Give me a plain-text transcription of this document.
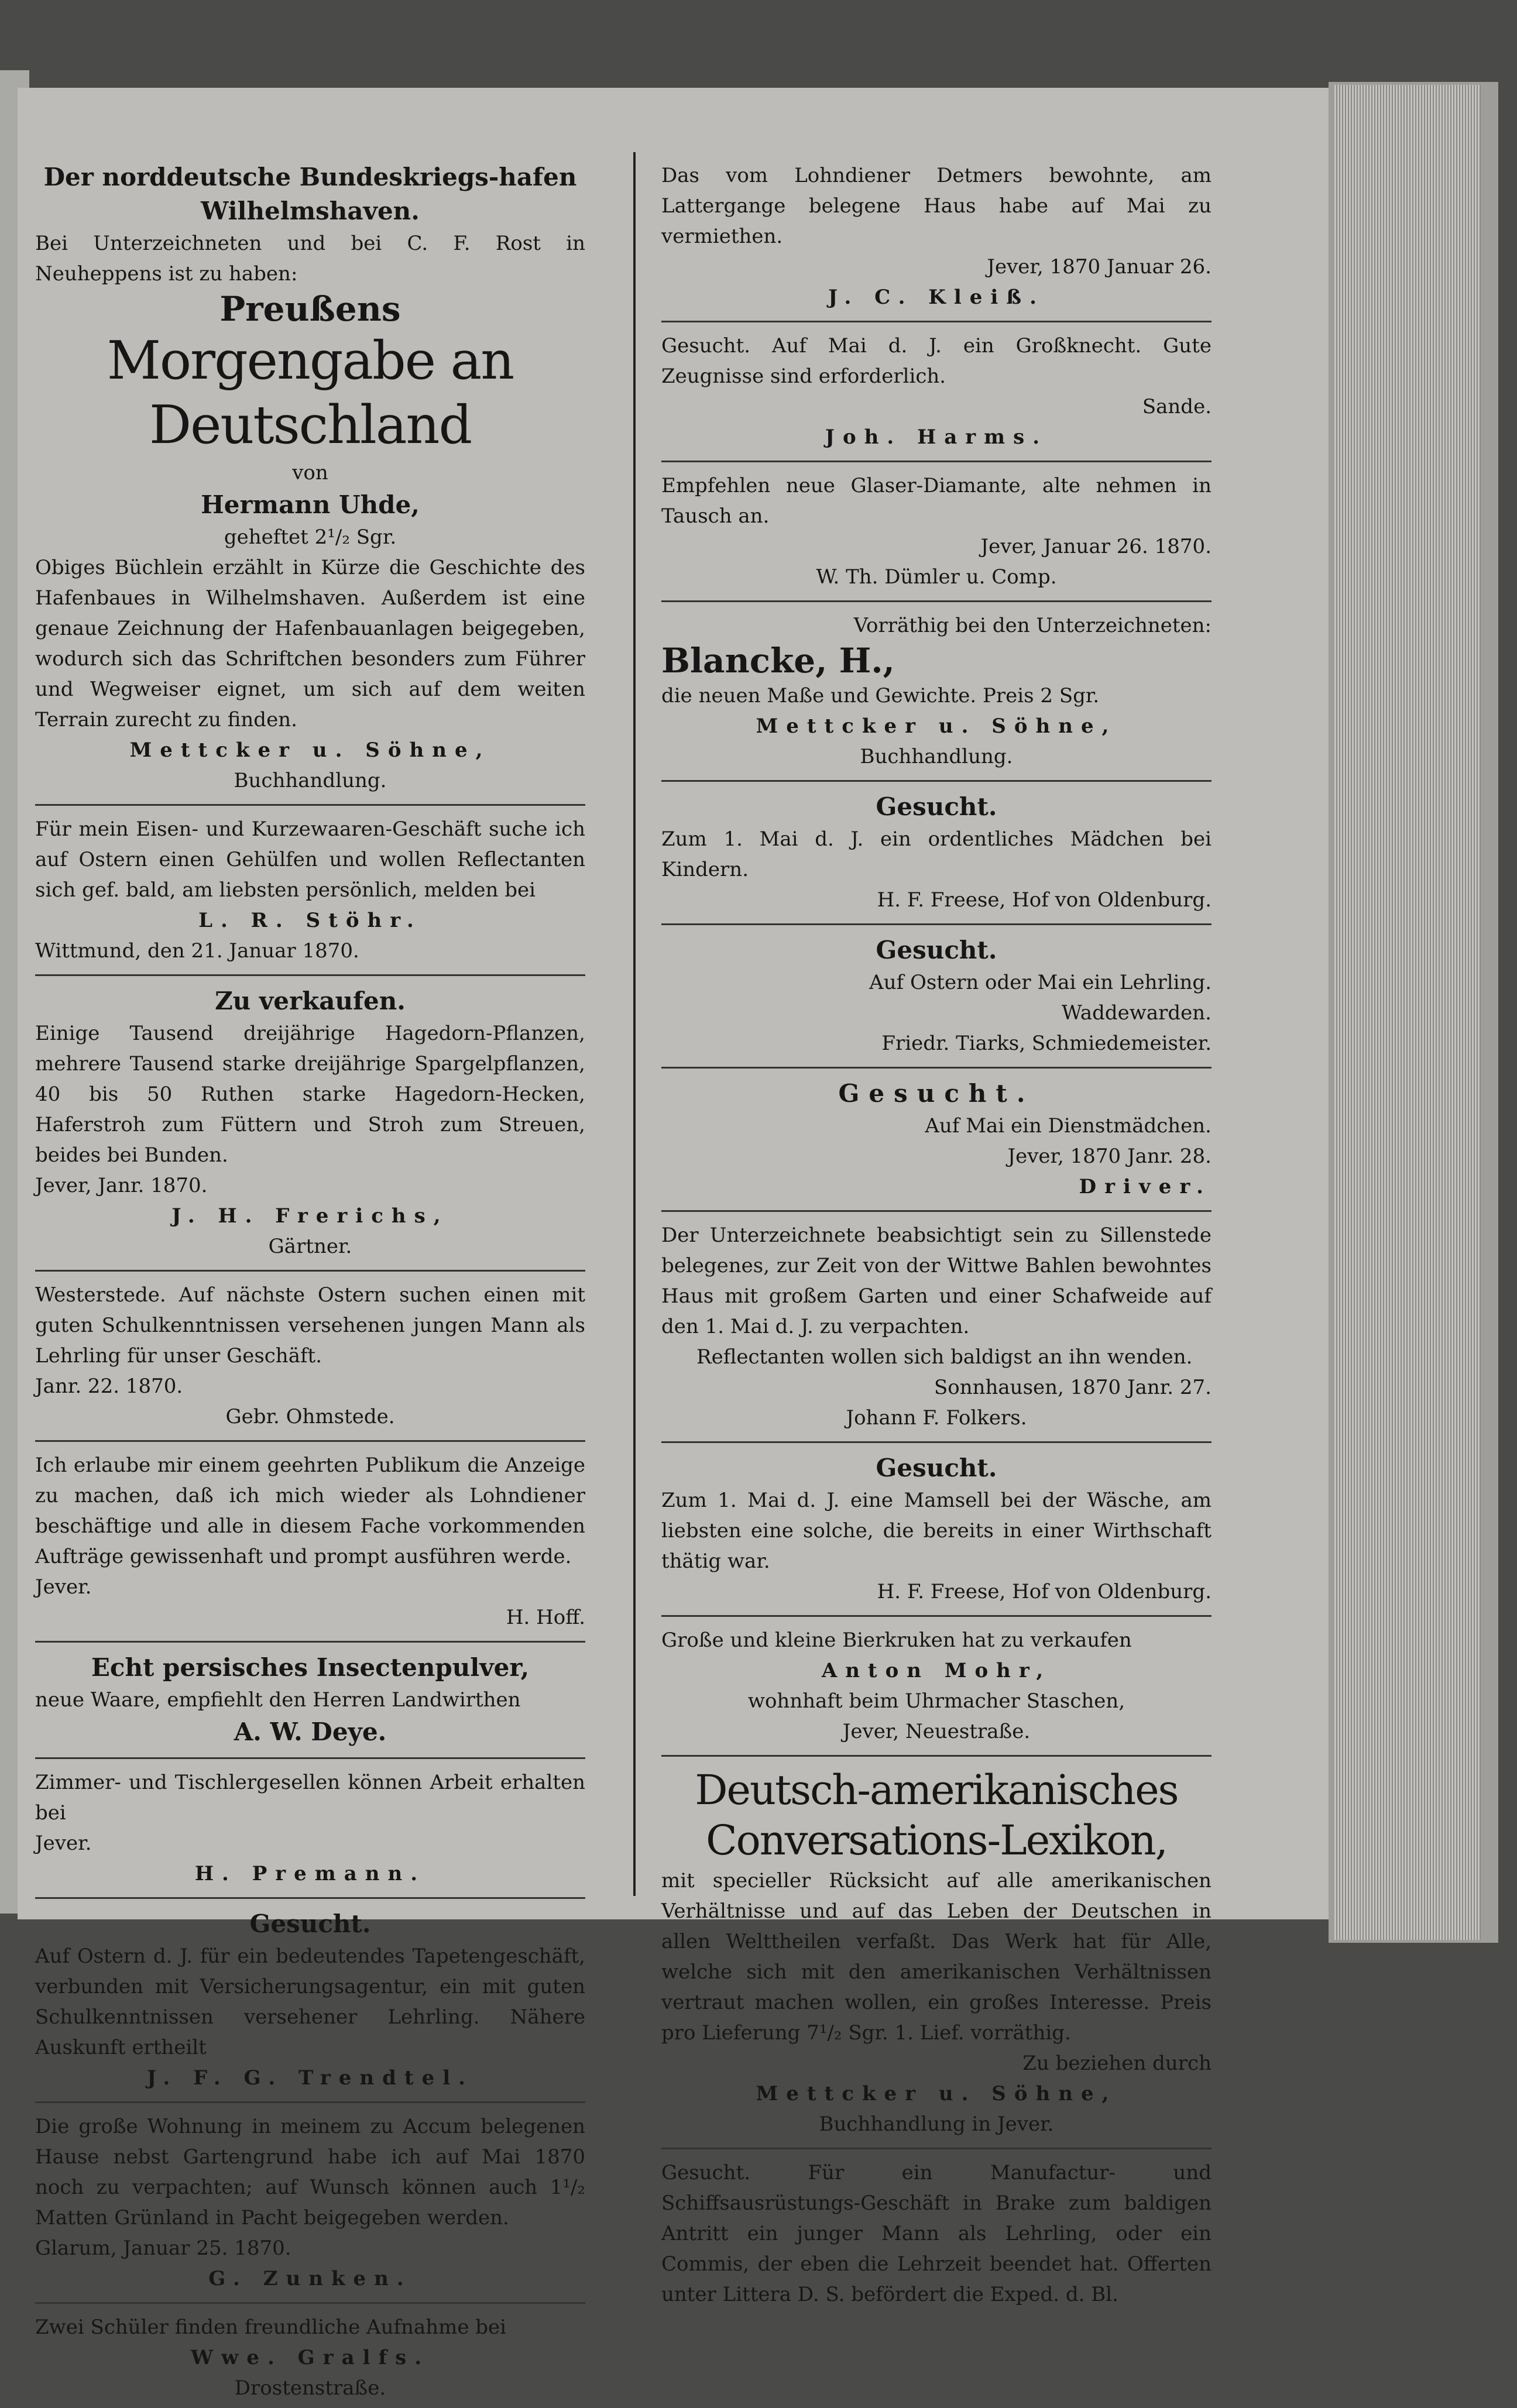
Der norddeutsche Bundeskriegs-hafen Wilhelmshaven.

Bei Unterzeichneten und bei C. F. Rost in Neuheppens ist zu haben:

Preußens

Morgengabe an Deutschland

von

Hermann Uhde,

geheftet 2¹/₂ Sgr.

Obiges Büchlein erzählt in Kürze die Geschichte des Hafenbaues in Wilhelmshaven. Außerdem ist eine genaue Zeichnung der Hafenbauanlagen beigegeben, wodurch sich das Schriftchen besonders zum Führer und Wegweiser eignet, um sich auf dem weiten Terrain zurecht zu finden.

Mettcker u. Söhne,

Buchhandlung.

Für mein Eisen- und Kurzewaaren-Geschäft suche ich auf Ostern einen Gehülfen und wollen Reflectanten sich gef. bald, am liebsten persönlich, melden bei

L. R. Stöhr.

Wittmund, den 21. Januar 1870.

Zu verkaufen.

Einige Tausend dreijährige Hagedorn-Pflanzen, mehrere Tausend starke dreijährige Spargelpflanzen, 40 bis 50 Ruthen starke Hagedorn-Hecken, Haferstroh zum Füttern und Stroh zum Streuen, beides bei Bunden.

Jever, Janr. 1870.

J. H. Frerichs,

Gärtner.

Westerstede. Auf nächste Ostern suchen einen mit guten Schulkenntnissen versehenen jungen Mann als Lehrling für unser Geschäft.

Janr. 22. 1870.

Gebr. Ohmstede.

Ich erlaube mir einem geehrten Publikum die Anzeige zu machen, daß ich mich wieder als Lohndiener beschäftige und alle in diesem Fache vorkommenden Aufträge gewissenhaft und prompt ausführen werde.

Jever.

H. Hoff.

Echt persisches Insectenpulver,

neue Waare, empfiehlt den Herren Landwirthen

A. W. Deye.

Zimmer- und Tischlergesellen können Arbeit erhalten bei

Jever.

H. Premann.

Gesucht.

Auf Ostern d. J. für ein bedeutendes Tapetengeschäft, verbunden mit Versicherungsagentur, ein mit guten Schulkenntnissen versehener Lehrling. Nähere Auskunft ertheilt

J. F. G. Trendtel.

Die große Wohnung in meinem zu Accum belegenen Hause nebst Gartengrund habe ich auf Mai 1870 noch zu verpachten; auf Wunsch können auch 1¹/₂ Matten Grünland in Pacht beigegeben werden.

Glarum, Januar 25. 1870.

G. Zunken.

Zwei Schüler finden freundliche Aufnahme bei

Wwe. Gralfs.

Drostenstraße.

Das vom Lohndiener Detmers bewohnte, am Lattergange belegene Haus habe auf Mai zu vermiethen.

Jever, 1870 Januar 26.

J. C. Kleiß.

Gesucht. Auf Mai d. J. ein Großknecht. Gute Zeugnisse sind erforderlich.

Sande.

Joh. Harms.

Empfehlen neue Glaser-Diamante, alte nehmen in Tausch an.

Jever, Januar 26. 1870.

W. Th. Dümler u. Comp.

Vorräthig bei den Unterzeichneten:

Blancke, H.,

die neuen Maße und Gewichte. Preis 2 Sgr.

Mettcker u. Söhne,

Buchhandlung.

Gesucht.

Zum 1. Mai d. J. ein ordentliches Mädchen bei Kindern.

H. F. Freese, Hof von Oldenburg.

Gesucht.

Auf Ostern oder Mai ein Lehrling.

Waddewarden.

Friedr. Tiarks, Schmiedemeister.

Gesucht.

Auf Mai ein Dienstmädchen.

Jever, 1870 Janr. 28.

Driver.

Der Unterzeichnete beabsichtigt sein zu Sillenstede belegenes, zur Zeit von der Wittwe Bahlen bewohntes Haus mit großem Garten und einer Schafweide auf den 1. Mai d. J. zu verpachten.

Reflectanten wollen sich baldigst an ihn wenden.

Sonnhausen, 1870 Janr. 27.

Johann F. Folkers.

Gesucht.

Zum 1. Mai d. J. eine Mamsell bei der Wäsche, am liebsten eine solche, die bereits in einer Wirthschaft thätig war.

H. F. Freese, Hof von Oldenburg.

Große und kleine Bierkruken hat zu verkaufen

Anton Mohr,

wohnhaft beim Uhrmacher Staschen,

Jever, Neuestraße.

Deutsch-amerikanisches

Conversations-Lexikon,

mit specieller Rücksicht auf alle amerikanischen Verhältnisse und auf das Leben der Deutschen in allen Welttheilen verfaßt. Das Werk hat für Alle, welche sich mit den amerikanischen Verhältnissen vertraut machen wollen, ein großes Interesse. Preis pro Lieferung 7¹/₂ Sgr. 1. Lief. vorräthig.

Zu beziehen durch

Mettcker u. Söhne,

Buchhandlung in Jever.

Gesucht. Für ein Manufactur- und Schiffsausrüstungs-Geschäft in Brake zum baldigen Antritt ein junger Mann als Lehrling, oder ein Commis, der eben die Lehrzeit beendet hat. Offerten unter Littera D. S. befördert die Exped. d. Bl.
